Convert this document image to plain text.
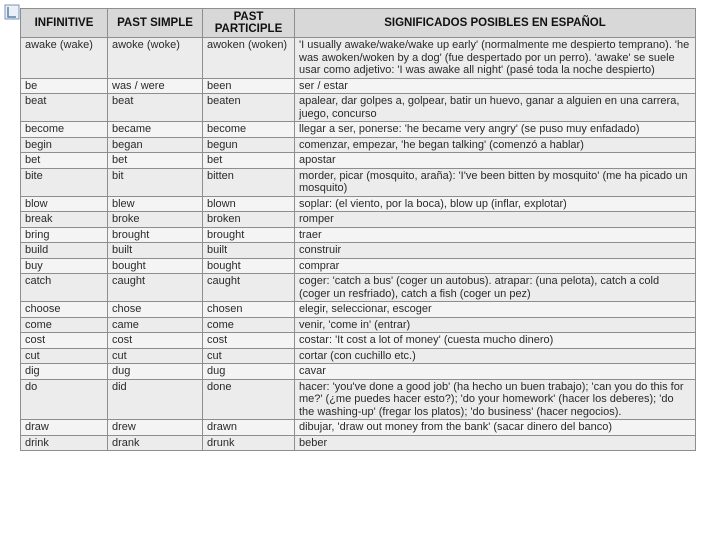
INFINITIVE	PAST SIMPLE	PAST PARTICIPLE	SIGNIFICADOS POSIBLES EN ESPAÑOL
awake (wake)	awoke (woke)	awoken (woken)	'I usually awake/wake/wake up early' (normalmente me despierto temprano). 'he was awoken/woken by a dog' (fue despertado por un perro). 'awake' se suele usar como adjetivo: 'I was awake all night' (pasé toda la noche despierto)
be	was / were	been	ser / estar
beat	beat	beaten	apalear, dar golpes a, golpear, batir un huevo, ganar a alguien en una carrera, juego, concurso
become	became	become	llegar a ser, ponerse: 'he became very angry' (se puso muy enfadado)
begin	began	begun	comenzar, empezar, 'he began talking' (comenzó a hablar)
bet	bet	bet	apostar
bite	bit	bitten	morder, picar (mosquito, araña): 'I've been bitten by mosquito' (me ha picado un mosquito)
blow	blew	blown	soplar: (el viento, por la boca), blow up (inflar, explotar)
break	broke	broken	romper
bring	brought	brought	traer
build	built	built	construir
buy	bought	bought	comprar
catch	caught	caught	coger: 'catch a bus' (coger un autobus). atrapar: (una pelota), catch a cold (coger un resfriado), catch a fish (coger un pez)
choose	chose	chosen	elegir, seleccionar, escoger
come	came	come	venir, 'come in' (entrar)
cost	cost	cost	costar: 'It cost a lot of money' (cuesta mucho dinero)
cut	cut	cut	cortar (con cuchillo etc.)
dig	dug	dug	cavar
do	did	done	hacer: 'you've done a good job' (ha hecho un buen trabajo); 'can you do this for me?' (¿me puedes hacer esto?); 'do your homework' (hacer los deberes); 'do the washing-up' (fregar los platos); 'do business' (hacer negocios).
draw	drew	drawn	dibujar, 'draw out money from the bank' (sacar dinero del banco)
drink	drank	drunk	beber
